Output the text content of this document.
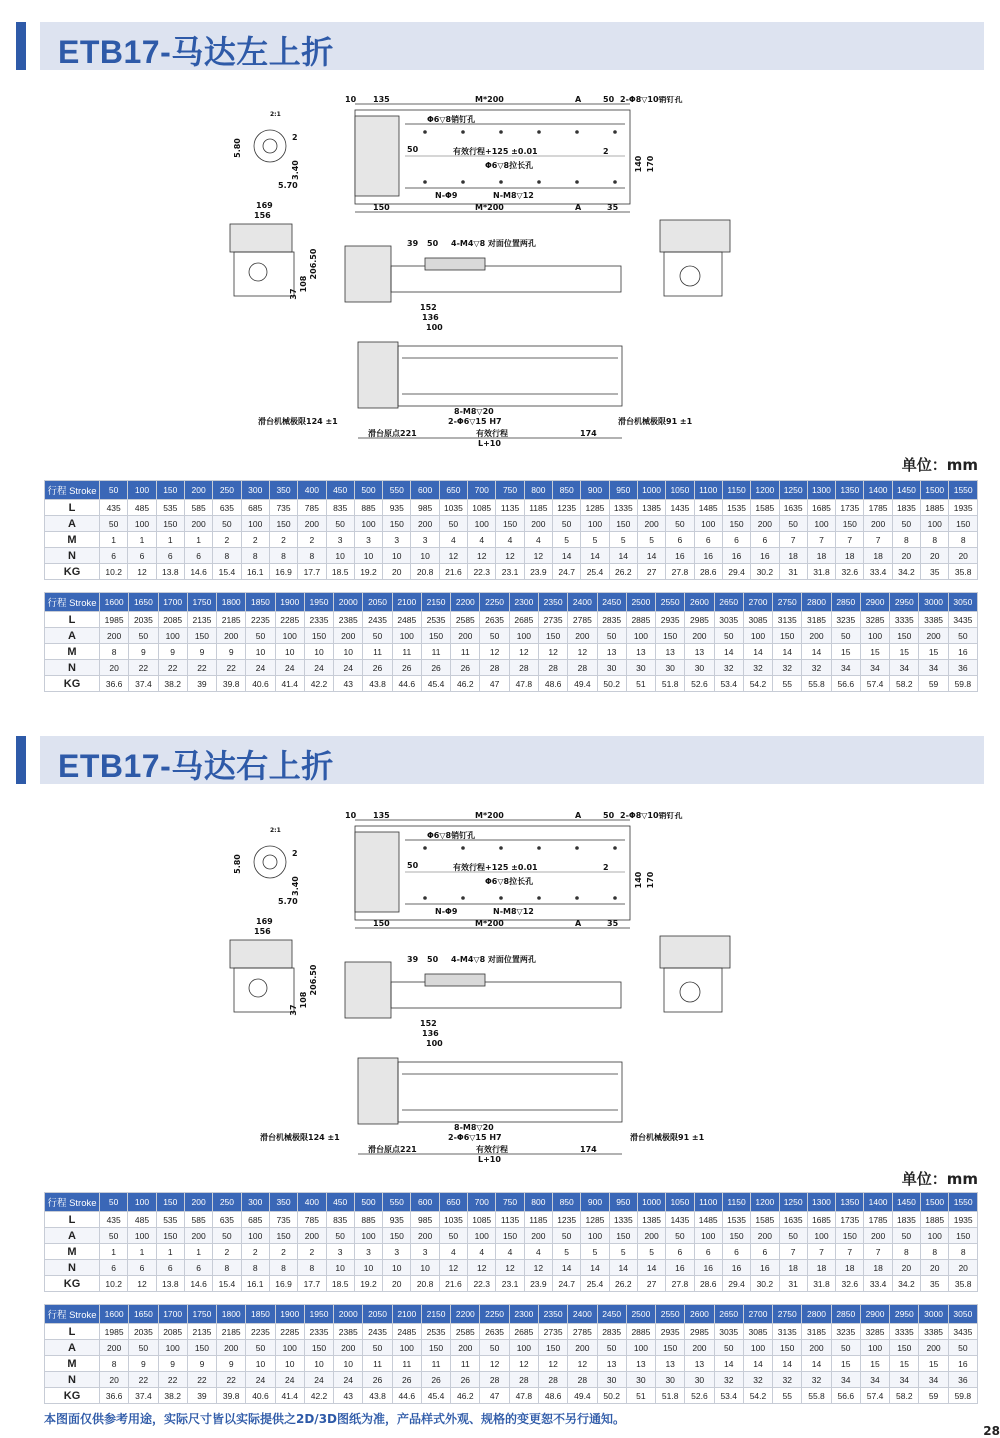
ETB17-马达左上折
10 135	M*200	A	50 2-Φ8▽10销钉孔
Φ6▽8销钉孔
50	有效行程+125 ±0.01	2
Φ6▽8拉长孔	140 170
N-Φ9	N-M8▽12
150	M*200	A	35
2:1
5.80
2
3.40
5.70
169
156
206.50
108
37
39 50 4-M4▽8 对面位置两孔
152
136
100
8-M8▽20
2-Φ6▽15 H7
滑台机械极限124 ±1	滑台机械极限91 ±1
滑台原点221	有效行程	174
L+10
单位：mm
行程 Stroke	50	100	150	200	250	300	350	400	450	500	550	600	650	700	750	800	850	900	950	1000	1050	1100	1150	1200	1250	1300	1350	1400	1450	1500	1550
L	435	485	535	585	635	685	735	785	835	885	935	985	1035	1085	1135	1185	1235	1285	1335	1385	1435	1485	1535	1585	1635	1685	1735	1785	1835	1885	1935
A	50	100	150	200	50	100	150	200	50	100	150	200	50	100	150	200	50	100	150	200	50	100	150	200	50	100	150	200	50	100	150
M	1	1	1	1	2	2	2	2	3	3	3	3	4	4	4	4	5	5	5	5	6	6	6	6	7	7	7	7	8	8	8
N	6	6	6	6	8	8	8	8	10	10	10	10	12	12	12	12	14	14	14	14	16	16	16	16	18	18	18	18	20	20	20
KG	10.2	12	13.8	14.6	15.4	16.1	16.9	17.7	18.5	19.2	20	20.8	21.6	22.3	23.1	23.9	24.7	25.4	26.2	27	27.8	28.6	29.4	30.2	31	31.8	32.6	33.4	34.2	35	35.8
行程 Stroke	1600	1650	1700	1750	1800	1850	1900	1950	2000	2050	2100	2150	2200	2250	2300	2350	2400	2450	2500	2550	2600	2650	2700	2750	2800	2850	2900	2950	3000	3050
L	1985	2035	2085	2135	2185	2235	2285	2335	2385	2435	2485	2535	2585	2635	2685	2735	2785	2835	2885	2935	2985	3035	3085	3135	3185	3235	3285	3335	3385	3435
A	200	50	100	150	200	50	100	150	200	50	100	150	200	50	100	150	200	50	100	150	200	50	100	150	200	50	100	150	200	50
M	8	9	9	9	9	10	10	10	10	11	11	11	11	12	12	12	12	13	13	13	13	14	14	14	14	15	15	15	15	16
N	20	22	22	22	22	24	24	24	24	26	26	26	26	28	28	28	28	30	30	30	30	32	32	32	32	34	34	34	34	36
KG	36.6	37.4	38.2	39	39.8	40.6	41.4	42.2	43	43.8	44.6	45.4	46.2	47	47.8	48.6	49.4	50.2	51	51.8	52.6	53.4	54.2	55	55.8	56.6	57.4	58.2	59	59.8
ETB17-马达右上折
10 135	M*200	A	50 2-Φ8▽10销钉孔
Φ6▽8销钉孔
50	有效行程+125 ±0.01	2
Φ6▽8拉长孔	140 170
N-Φ9	N-M8▽12
150	M*200	A	35
2:1
5.80
2
3.40
5.70
169
156
206.50
108
37
39 50 4-M4▽8 对面位置两孔
152
136
100
8-M8▽20
2-Φ6▽15 H7
滑台机械极限124 ±1	滑台机械极限91 ±1
滑台原点221	有效行程	174
L+10
单位：mm
行程 Stroke	50	100	150	200	250	300	350	400	450	500	550	600	650	700	750	800	850	900	950	1000	1050	1100	1150	1200	1250	1300	1350	1400	1450	1500	1550
L	435	485	535	585	635	685	735	785	835	885	935	985	1035	1085	1135	1185	1235	1285	1335	1385	1435	1485	1535	1585	1635	1685	1735	1785	1835	1885	1935
A	50	100	150	200	50	100	150	200	50	100	150	200	50	100	150	200	50	100	150	200	50	100	150	200	50	100	150	200	50	100	150
M	1	1	1	1	2	2	2	2	3	3	3	3	4	4	4	4	5	5	5	5	6	6	6	6	7	7	7	7	8	8	8
N	6	6	6	6	8	8	8	8	10	10	10	10	12	12	12	12	14	14	14	14	16	16	16	16	18	18	18	18	20	20	20
KG	10.2	12	13.8	14.6	15.4	16.1	16.9	17.7	18.5	19.2	20	20.8	21.6	22.3	23.1	23.9	24.7	25.4	26.2	27	27.8	28.6	29.4	30.2	31	31.8	32.6	33.4	34.2	35	35.8
行程 Stroke	1600	1650	1700	1750	1800	1850	1900	1950	2000	2050	2100	2150	2200	2250	2300	2350	2400	2450	2500	2550	2600	2650	2700	2750	2800	2850	2900	2950	3000	3050
L	1985	2035	2085	2135	2185	2235	2285	2335	2385	2435	2485	2535	2585	2635	2685	2735	2785	2835	2885	2935	2985	3035	3085	3135	3185	3235	3285	3335	3385	3435
A	200	50	100	150	200	50	100	150	200	50	100	150	200	50	100	150	200	50	100	150	200	50	100	150	200	50	100	150	200	50
M	8	9	9	9	9	10	10	10	10	11	11	11	11	12	12	12	12	13	13	13	13	14	14	14	14	15	15	15	15	16
N	20	22	22	22	22	24	24	24	24	26	26	26	26	28	28	28	28	30	30	30	30	32	32	32	32	34	34	34	34	36
KG	36.6	37.4	38.2	39	39.8	40.6	41.4	42.2	43	43.8	44.6	45.4	46.2	47	47.8	48.6	49.4	50.2	51	51.8	52.6	53.4	54.2	55	55.8	56.6	57.4	58.2	59	59.8
本图面仅供参考用途，实际尺寸皆以实际提供之2D/3D图纸为准，产品样式外观、规格的变更恕不另行通知。
28
